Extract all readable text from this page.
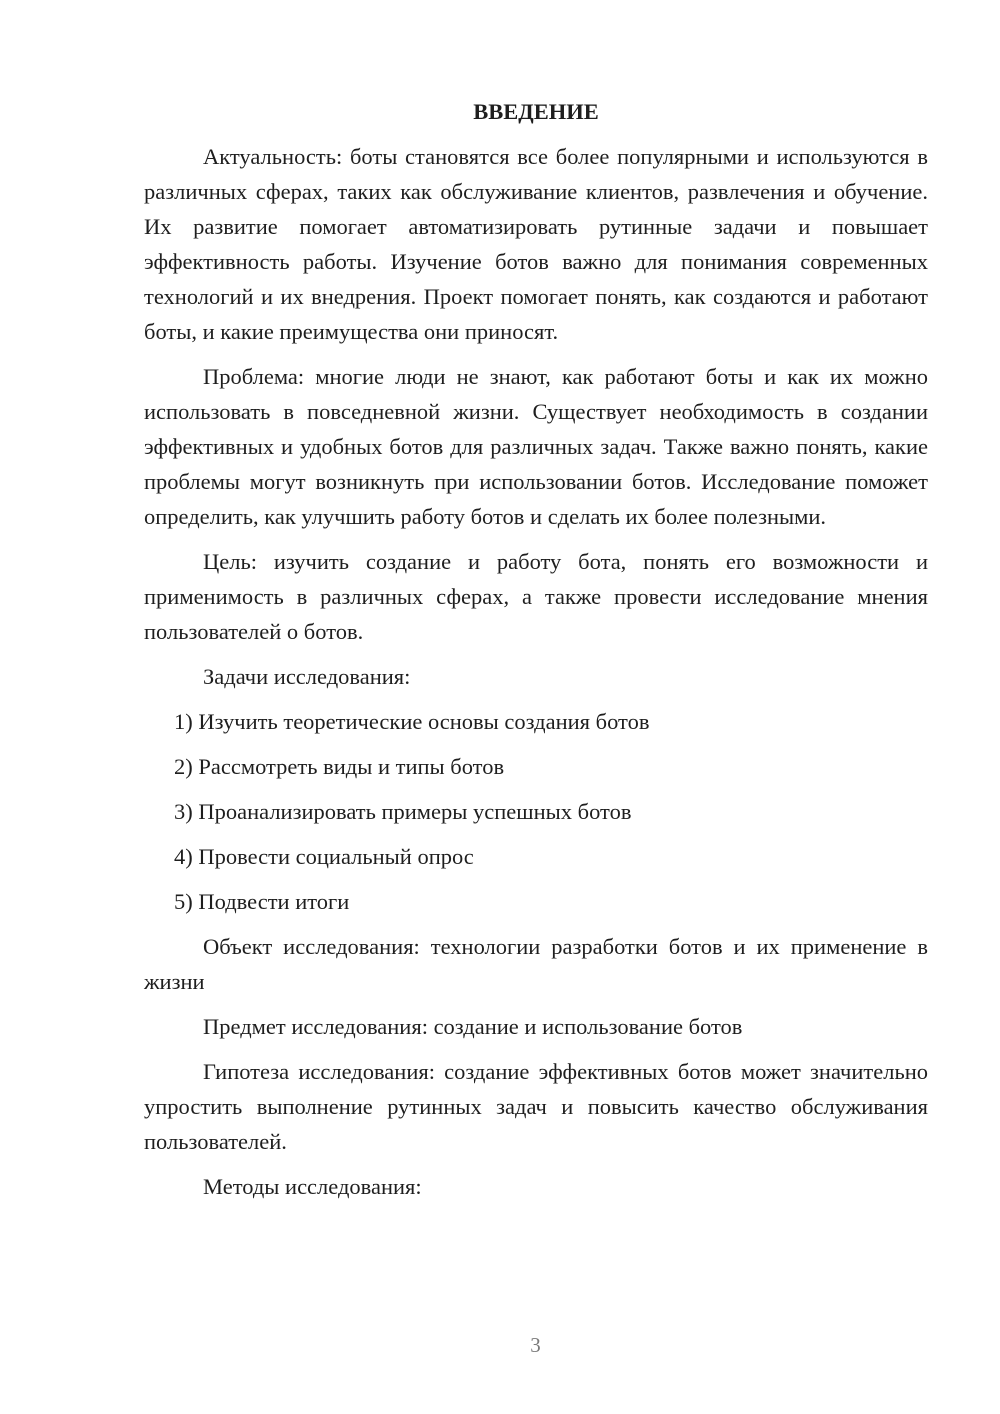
ВВЕДЕНИЕ

Актуальность: боты становятся все более популярными и используются в различных сферах, таких как обслуживание клиентов, развлечения и обучение. Их развитие помогает автоматизировать рутинные задачи и повышает эффективность работы. Изучение ботов важно для понимания современных технологий и их внедрения. Проект помогает понять, как создаются и работают боты, и какие преимущества они приносят.

Проблема: многие люди не знают, как работают боты и как их можно использовать в повседневной жизни. Существует необходимость в создании эффективных и удобных ботов для различных задач. Также важно понять, какие проблемы могут возникнуть при использовании ботов. Исследование поможет определить, как улучшить работу ботов и сделать их более полезными.

Цель: изучить создание и работу бота, понять его возможности и применимость в различных сферах, а также провести исследование мнения пользователей о ботов.

Задачи исследования:

1) Изучить теоретические основы создания ботов
2) Рассмотреть виды и типы ботов
3) Проанализировать примеры успешных ботов
4) Провести социальный опрос
5) Подвести итоги

Объект исследования: технологии разработки ботов и их применение в жизни

Предмет исследования: создание и использование ботов

Гипотеза исследования: создание эффективных ботов может значительно упростить выполнение рутинных задач и повысить качество обслуживания пользователей.

Методы исследования:

3
